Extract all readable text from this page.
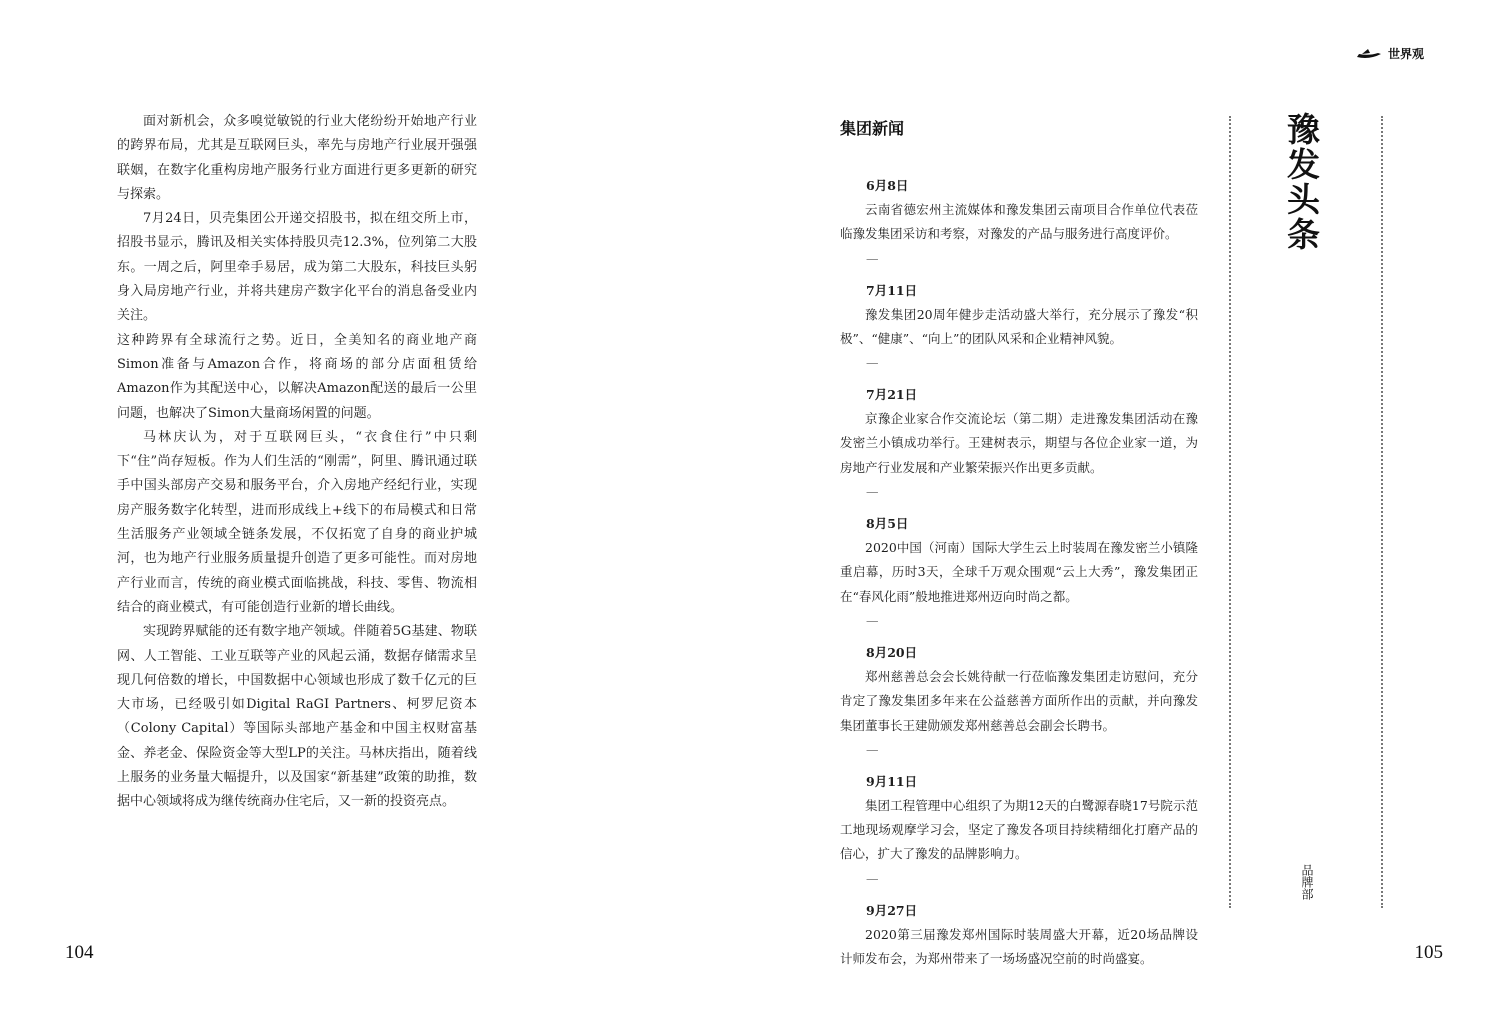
面对新机会，众多嗅觉敏锐的行业大佬纷纷开始地产行业的跨界布局，尤其是互联网巨头，率先与房地产行业展开强强联姻，在数字化重构房地产服务行业方面进行更多更新的研究与探索。

7月24日，贝壳集团公开递交招股书，拟在纽交所上市，招股书显示，腾讯及相关实体持股贝壳12.3%，位列第二大股东。一周之后，阿里牵手易居，成为第二大股东，科技巨头躬身入局房地产行业，并将共建房产数字化平台的消息备受业内关注。

这种跨界有全球流行之势。近日，全美知名的商业地产商Simon准备与Amazon合作，将商场的部分店面租赁给Amazon作为其配送中心，以解决Amazon配送的最后一公里问题，也解决了Simon大量商场闲置的问题。

马林庆认为，对于互联网巨头，“衣食住行”中只剩下“住”尚存短板。作为人们生活的“刚需”，阿里、腾讯通过联手中国头部房产交易和服务平台，介入房地产经纪行业，实现房产服务数字化转型，进而形成线上+线下的布局模式和日常生活服务产业领域全链条发展，不仅拓宽了自身的商业护城河，也为地产行业服务质量提升创造了更多可能性。而对房地产行业而言，传统的商业模式面临挑战，科技、零售、物流相结合的商业模式，有可能创造行业新的增长曲线。

实现跨界赋能的还有数字地产领域。伴随着5G基建、物联网、人工智能、工业互联等产业的风起云涌，数据存储需求呈现几何倍数的增长，中国数据中心领域也形成了数千亿元的巨大市场，已经吸引如Digital RaGI Partners、柯罗尼资本（Colony Capital）等国际头部地产基金和中国主权财富基金、养老金、保险资金等大型LP的关注。马林庆指出，随着线上服务的业务量大幅提升，以及国家“新基建”政策的助推，数据中心领域将成为继传统商办住宅后，又一新的投资亮点。

104
世界观
集团新闻
6月8日
云南省德宏州主流媒体和豫发集团云南项目合作单位代表莅临豫发集团采访和考察，对豫发的产品与服务进行高度评价。
—
7月11日
豫发集团20周年健步走活动盛大举行，充分展示了豫发“积极”、“健康”、“向上”的团队风采和企业精神风貌。
—
7月21日
京豫企业家合作交流论坛（第二期）走进豫发集团活动在豫发密兰小镇成功举行。王建树表示，期望与各位企业家一道，为房地产行业发展和产业繁荣振兴作出更多贡献。
—
8月5日
2020中国（河南）国际大学生云上时装周在豫发密兰小镇隆重启幕，历时3天，全球千万观众围观“云上大秀”，豫发集团正在“春风化雨”般地推进郑州迈向时尚之都。
—
8月20日
郑州慈善总会会长姚待献一行莅临豫发集团走访慰问，充分肯定了豫发集团多年来在公益慈善方面所作出的贡献，并向豫发集团董事长王建勋颁发郑州慈善总会副会长聘书。
—
9月11日
集团工程管理中心组织了为期12天的白鹭源春晓17号院示范工地现场观摩学习会，坚定了豫发各项目持续精细化打磨产品的信心，扩大了豫发的品牌影响力。
—
9月27日
2020第三届豫发郑州国际时装周盛大开幕，近20场品牌设计师发布会，为郑州带来了一场场盛况空前的时尚盛宴。
豫发头条
品牌部
105
